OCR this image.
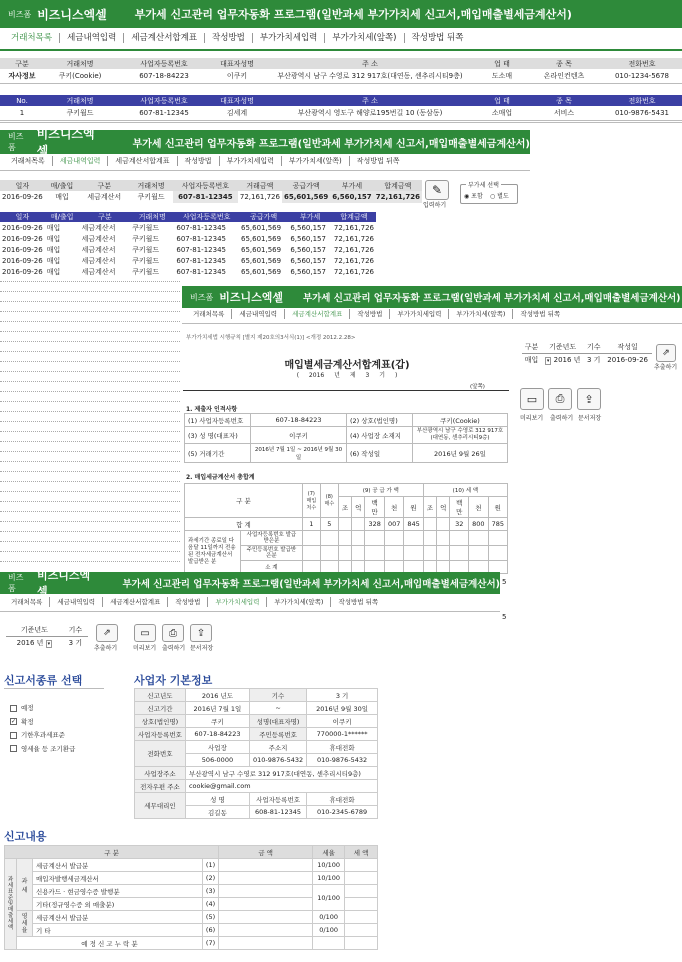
비즈폼 비즈니스엑셀	부가세 신고관리 업무자동화 프로그램(일반과세 부가가치세 신고서,매입매출별세금계산서)
거래처목록	세금내역입력	세금계산서합계표	작성방법	부가가치세입력	부가가치세(앞쪽)	작성방법 뒤쪽
구분	거래처명	사업자등록번호	대표자성명	주 소	업 태	종 목	전화번호
자사정보	쿠키(Cookie)	607-18-84223	이쿠키	부산광역시 남구 수영로 312 917호(대연동, 센추리시티9층)	도소매	온라인컨텐츠	010-1234-5678
No.	거래처명	사업자등록번호	대표자성명	주 소	업 태	종 목	전화번호
1	쿠키월드	607-81-12345	김세계	부산광역시 영도구 해양로195번길 10 (동삼동)	소매업	서비스	010-9876-5431
비즈폼
비즈니스엑셀	부가세 신고관리 업무자동화 프로그램(일반과세 부가가치세 신고서,매입매출별세금계산서)
거래처목록	세금내역입력	세금계산서합계표	작성방법	부가가치세입력	부가가치세(앞쪽)	작성방법 뒤쪽
일자	매/출입	구분	거래처명	사업자등록번호	거래금액	공급가액	부가세	합계금액
2016-09-26	매입	세금계산서	쿠키월드	607-81-12345	72,161,726	65,601,569	6,560,157	72,161,726 ✎
입력하기
부가세 선택
◉ 포함 ○ 별도
일자	매/출입	구분	거래처명	사업자등록번호	공급가액	부가세	합계금액
2016-09-26	매입	세금계산서	쿠키월드	607-81-12345	65,601,569	6,560,157	72,161,726
2016-09-26	매입	세금계산서	쿠키월드	607-81-12345	65,601,569	6,560,157	72,161,726
2016-09-26	매입	세금계산서	쿠키월드	607-81-12345	65,601,569	6,560,157	72,161,726
2016-09-26	매입	세금계산서	쿠키월드	607-81-12345	65,601,569	6,560,157	72,161,726
2016-09-26	매입	세금계산서	쿠키월드	607-81-12345	65,601,569	6,560,157	72,161,726
비즈폼 비즈니스엑셀 부가세 신고관리 업무자동화 프로그램(일반과세 부가가치세 신고서,매입매출별세금계산서)
거래처목록	세금내역입력	세금계산서합계표	작성방법	부가가치세입력	부가가치세(앞쪽)	작성방법 뒤쪽
부가가치세법 시행규칙 [별지 제20호의3서식(1)] <개정 2012.2.28>
매입별세금계산서합계표(갑)
( 2016 년 제 3 기 )
(앞쪽)
1. 제출자 인적사항
(1) 사업자등록번호	607-18-84223	(2) 상호(법인명)	쿠키(Cookie)
(3) 성 명(대표자)	이쿠키	(4) 사업장 소재지	부산광역시 남구 수영로 312 917호(대연동, 센추리시티9층)
(5) 거래기간	2016년 7월 1일 ~ 2016년 9월 30일	(6) 작성일	2016년 9월 26일
2. 매입세금계산서 총합계
구 분		(7) 매입처수	(8) 매수	(9) 공 급 가 액					(10) 세 액				
				조	억	백만	천	원	조	억	백만	천	원
합 계		1	5			328	007	845			32	800	785
과세기간 종료일 다음달 11일까지 전송된 전자세금계산서 발급받은 분	사업자등록번호 발급받은분												
	주민등록번호 발급받은분												
	소 계												
구분	기준년도	기수	작성일
매입	▾ 2016 년	3 기	2016-09-26
⇗
추출하기
▭
미리보기
⎙
출력하기
⇪
문서저장
5
5
비즈폼
비즈니스엑셀
부가세 신고관리 업무자동화 프로그램(일반과세 부가가치세 신고서,매입매출별세금계산서)
거래처목록	세금내역입력	세금계산서합계표	작성방법	부가가치세입력	부가가치세(앞쪽)	작성방법 뒤쪽
기준년도	기수
2016 년 ▾	3 기
⇗
추출하기
▭
미리보기
⎙
출력하기
⇪
문서저장
신고서종류 선택
예정
✓ 확정
기한후과세표준
영세율 등 조기환급
사업자 기본정보
신고년도	2016 년도	기수	3 기
신고기간	2016년 7월 1일	~	2016년 9월 30일
상호(법인명)	쿠키	성명(대표자명)	이쿠키
사업자등록번호	607-18-84223	주민등록번호	770000-1******
전화번호	사업장	주소지	휴대전화
	506-0000	010-9876-5432	010-9876-5432
사업장주소	부산광역시 남구 수영로 312 917호(대연동, 센추리시티9층)		
전자우편 주소	cookie@gmail.com		
세무대리인	성 명	사업자등록번호	휴대전화
	김길동	608-81-12345	010-2345-6789
신고내용
구 분				금 액	세율	세 액
과세표준및매출세액	과세	세금계산서 발급분	(1)		10/100	
		매입자발행세금계산서	(2)		10/100	
		신용카드 · 현금영수증 발행분	(3)		10/100	
		기타(정규영수증 외 매출분)	(4)			
	영세율	세금계산서 발급분	(5)		0/100	
		기 타	(6)		0/100	
	예 정 신 고 누 락 분		(7)			
